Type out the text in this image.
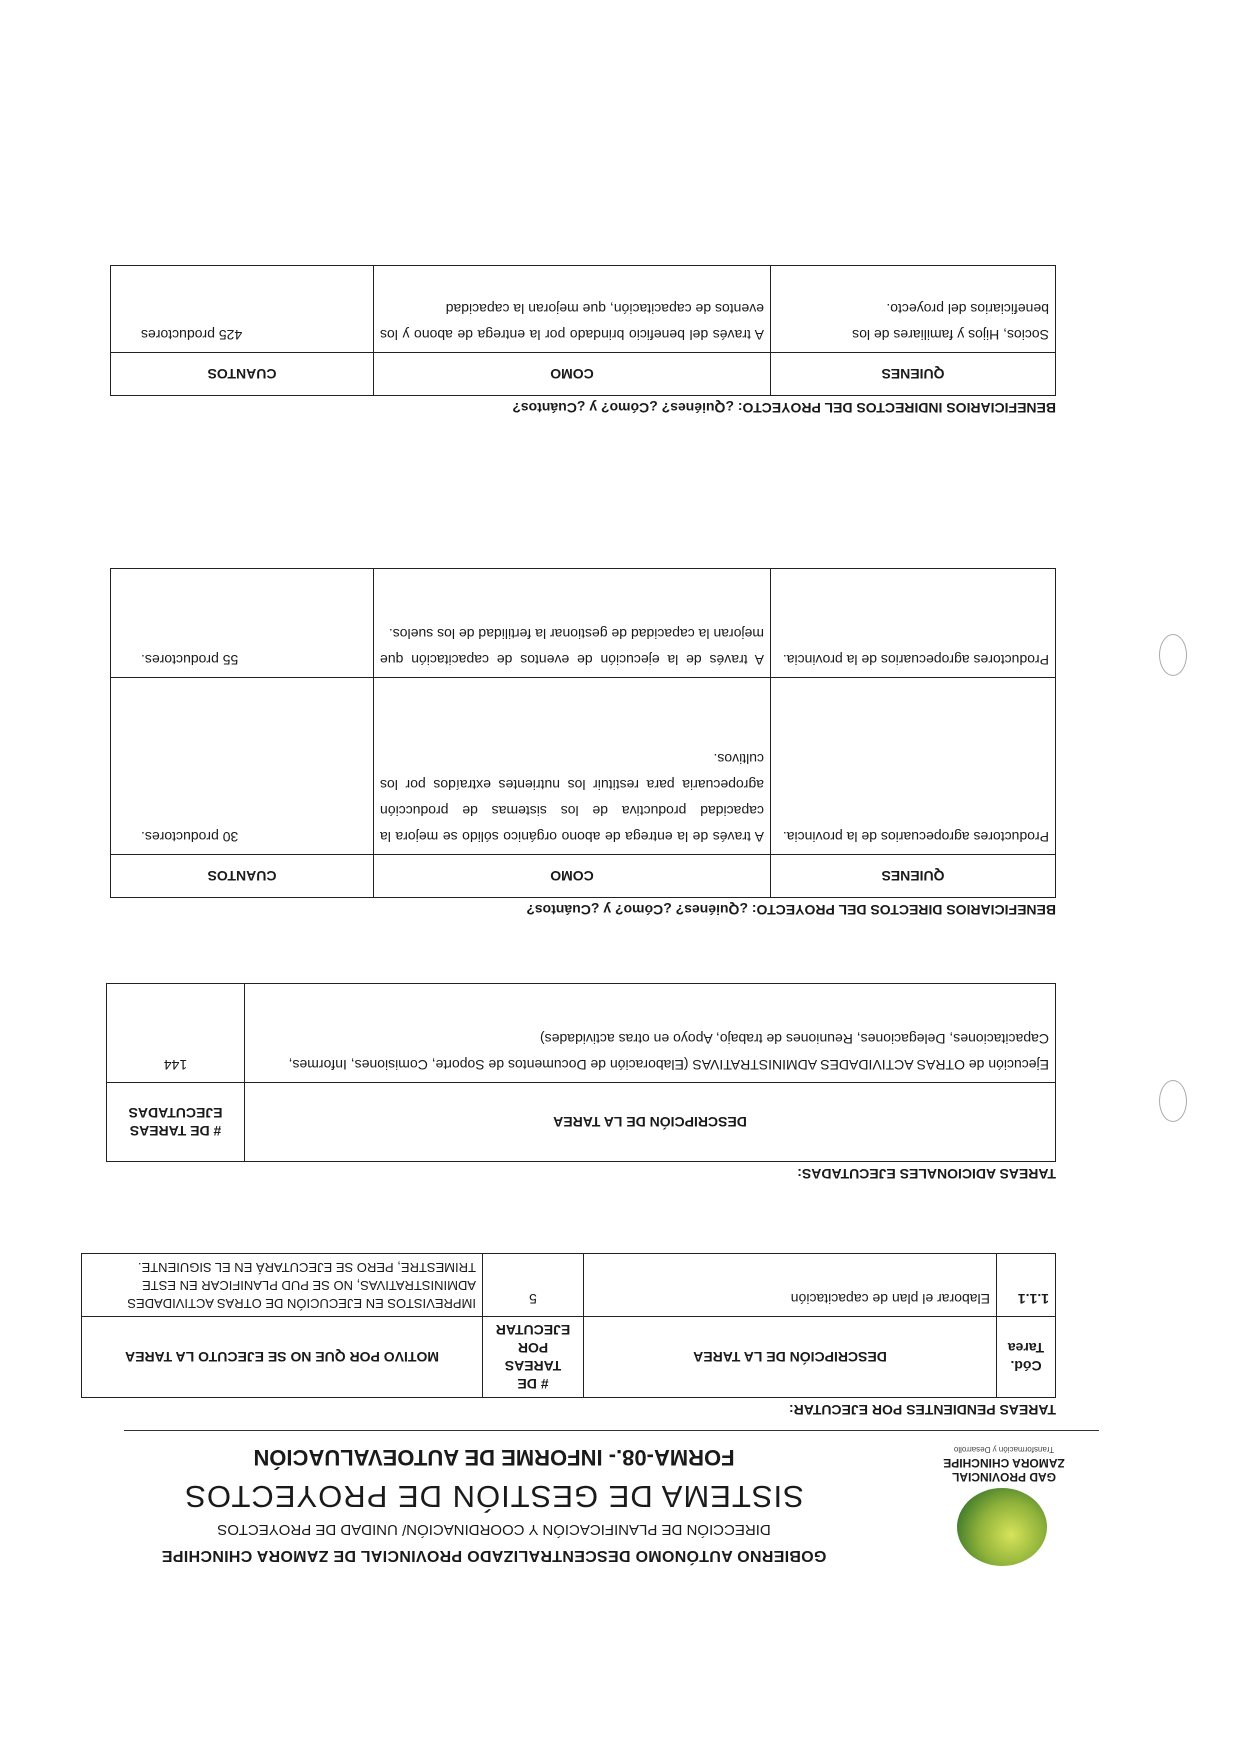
GAD PROVINCIAL
ZAMORA CHINCHIPE
Transformación y Desarrollo
GOBIERNO AUTÓNOMO DESCENTRALIZADO PROVINCIAL DE ZAMORA CHINCHIPE
DIRECCIÓN DE PLANIFICACIÓN Y COORDINACIÓN/ UNIDAD DE PROYECTOS
SISTEMA DE GESTIÓN DE PROYECTOS
FORMA-08.- INFORME DE AUTOEVALUACIÓN
TAREAS PENDIENTES POR EJECUTAR:
Cód. Tarea	DESCRIPCIÓN DE LA TAREA	# DE TAREAS POR EJECUTAR	MOTIVO POR QUE NO SE EJECUTO LA TAREA
1.1.1	Elaborar el plan de capacitación	5	IMPREVISTOS EN EJECUCIÓN DE OTRAS ACTIVIDADES ADMINISTRATIVAS, NO SE PUD PLANIFICAR EN ESTE TRIMESTRE, PERO SE EJECUTARÁ EN EL SIGUIENTE.
TAREAS ADICIONALES EJECUTADAS:
DESCRIPCIÓN DE LA TAREA	# DE TAREAS EJECUTADAS
Ejecución de OTRAS ACTIVIDADES ADMINISTRATIVAS (Elaboración de Documentos de Soporte, Comisiones, Informes, Capacitaciones, Delegaciones, Reuniones de trabajo, Apoyo en otras actividades)	144
BENEFICIARIOS DIRECTOS DEL PROYECTO: ¿Quiénes? ¿Cómo? y ¿Cuántos?
QUIENES	COMO	CUANTOS
Productores agropecuarios de la provincia.	A través de la entrega de abono orgánico sólido se mejora la capacidad productiva de los sistemas de producción agropecuaria para restituir los nutrientes extraídos por los cultivos.	30 productores.
Productores agropecuarios de la provincia.	A través de la ejecución de eventos de capacitación que mejoran la capacidad de gestionar la fertilidad de los suelos.	55 productores.
BENEFICIARIOS INDIRECTOS DEL PROYECTO: ¿Quiénes? ¿Cómo? y ¿Cuántos?
QUIENES	COMO	CUANTOS
Socios, Hijos y familiares de los beneficiarios del proyecto.	A través del beneficio brindado por la entrega de abono y los eventos de capacitación, que mejoran la capacidad	425 productores
